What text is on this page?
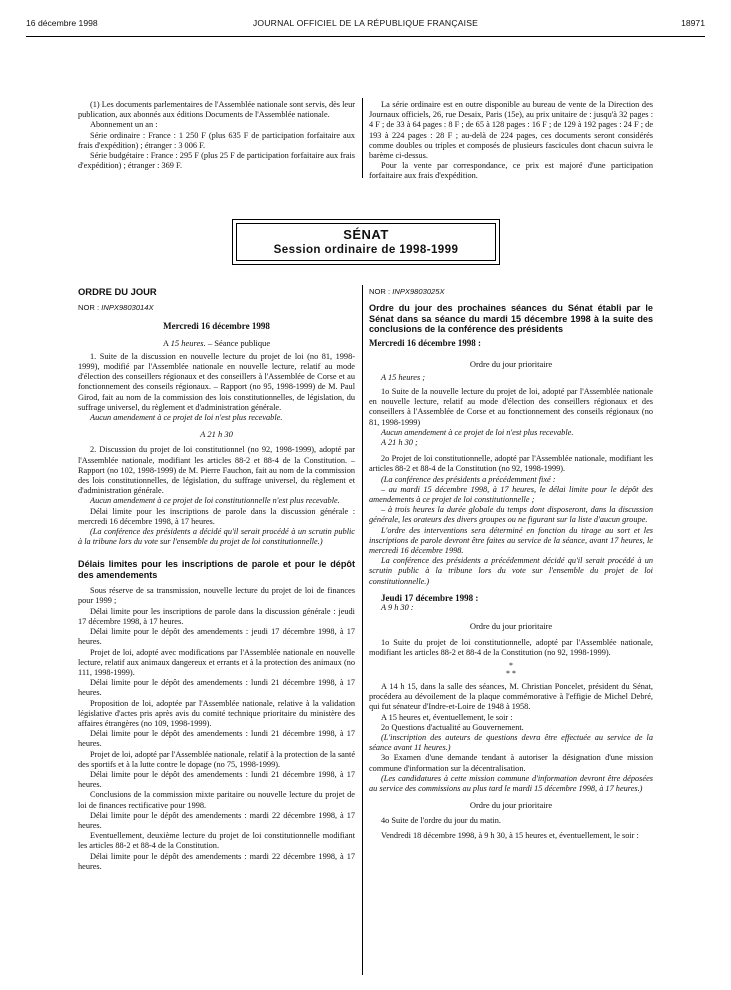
16 décembre 1998	JOURNAL OFFICIEL DE LA RÉPUBLIQUE FRANÇAISE	18971

(1) Les documents parlementaires de l'Assemblée nationale sont servis, dès leur publication, aux abonnés aux éditions Documents de l'Assemblée nationale.

Abonnement un an :

Série ordinaire : France : 1 250 F (plus 635 F de participation forfaitaire aux frais d'expédition) ; étranger : 3 006 F.

Série budgétaire : France : 295 F (plus 25 F de participation forfaitaire aux frais d'expédition) ; étranger : 369 F.

La série ordinaire est en outre disponible au bureau de vente de la Direction des Journaux officiels, 26, rue Desaix, Paris (15e), au prix unitaire de : jusqu'à 32 pages : 4 F ; de 33 à 64 pages : 8 F ; de 65 à 128 pages : 16 F ; de 129 à 192 pages : 24 F ; de 193 à 224 pages : 28 F ; au-delà de 224 pages, ces documents seront considérés comme doubles ou triples et composés de plusieurs fascicules dont chacun suivra le barème ci-dessus.

Pour la vente par correspondance, ce prix est majoré d'une participation forfaitaire aux frais d'expédition.

SÉNAT
Session ordinaire de 1998-1999

ORDRE DU JOUR

NOR : INPX9803014X

Mercredi 16 décembre 1998

A 15 heures. – Séance publique

1. Suite de la discussion en nouvelle lecture du projet de loi (no 81, 1998-1999), modifié par l'Assemblée nationale en nouvelle lecture, relatif au mode d'élection des conseillers régionaux et des conseillers à l'Assemblée de Corse et au fonctionnement des conseils régionaux. – Rapport (no 95, 1998-1999) de M. Paul Girod, fait au nom de la commission des lois constitutionnelles, de législation, du suffrage universel, du règlement et d'administration générale.

Aucun amendement à ce projet de loi n'est plus recevable.

A 21 h 30

2. Discussion du projet de loi constitutionnel (no 92, 1998-1999), adopté par l'Assemblée nationale, modifiant les articles 88-2 et 88-4 de la Constitution. – Rapport (no 102, 1998-1999) de M. Pierre Fauchon, fait au nom de la commission des lois constitutionnelles, de législation, du suffrage universel, du règlement et d'administration générale.

Aucun amendement à ce projet de loi constitutionnelle n'est plus recevable.

Délai limite pour les inscriptions de parole dans la discussion générale : mercredi 16 décembre 1998, à 17 heures.

(La conférence des présidents a décidé qu'il serait procédé à un scrutin public à la tribune lors du vote sur l'ensemble du projet de loi constitutionnelle.)

Délais limites pour les inscriptions de parole et pour le dépôt des amendements

Sous réserve de sa transmission, nouvelle lecture du projet de loi de finances pour 1999 ;

Délai limite pour les inscriptions de parole dans la discussion générale : jeudi 17 décembre 1998, à 17 heures.

Délai limite pour le dépôt des amendements : jeudi 17 décembre 1998, à 17 heures.

Projet de loi, adopté avec modifications par l'Assemblée nationale en nouvelle lecture, relatif aux animaux dangereux et errants et à la protection des animaux (no 111, 1998-1999).

Délai limite pour le dépôt des amendements : lundi 21 décembre 1998, à 17 heures.

Proposition de loi, adoptée par l'Assemblée nationale, relative à la validation législative d'actes pris après avis du comité technique prioritaire du ministère des affaires étrangères (no 109, 1998-1999).

Délai limite pour le dépôt des amendements : lundi 21 décembre 1998, à 17 heures.

Projet de loi, adopté par l'Assemblée nationale, relatif à la protection de la santé des sportifs et à la lutte contre le dopage (no 75, 1998-1999).

Délai limite pour le dépôt des amendements : lundi 21 décembre 1998, à 17 heures.

Conclusions de la commission mixte paritaire ou nouvelle lecture du projet de loi de finances rectificative pour 1998.

Délai limite pour le dépôt des amendements : mardi 22 décembre 1998, à 17 heures.

Eventuellement, deuxième lecture du projet de loi constitutionnelle modifiant les articles 88-2 et 88-4 de la Constitution.

Délai limite pour le dépôt des amendements : mardi 22 décembre 1998, à 17 heures.

NOR : INPX9803025X

Ordre du jour des prochaines séances du Sénat établi par le Sénat dans sa séance du mardi 15 décembre 1998 à la suite des conclusions de la conférence des présidents

Mercredi 16 décembre 1998 :

Ordre du jour prioritaire

A 15 heures ;

1o Suite de la nouvelle lecture du projet de loi, adopté par l'Assemblée nationale en nouvelle lecture, relatif au mode d'élection des conseillers régionaux et des conseillers à l'Assemblée de Corse et au fonctionnement des conseils régionaux (no 81, 1998-1999)

Aucun amendement à ce projet de loi n'est plus recevable.

A 21 h 30 ;

2o Projet de loi constitutionnelle, adopté par l'Assemblée nationale, modifiant les articles 88-2 et 88-4 de la Constitution (no 92, 1998-1999).

(La conférence des présidents a précédemment fixé :

– au mardi 15 décembre 1998, à 17 heures, le délai limite pour le dépôt des amendements à ce projet de loi constitutionnelle ;

– à trois heures la durée globale du temps dont disposeront, dans la discussion générale, les orateurs des divers groupes ou ne figurant sur la liste d'aucun groupe.

L'ordre des interventions sera déterminé en fonction du tirage au sort et les inscriptions de parole devront être faites au service de la séance, avant 17 heures, le mercredi 16 décembre 1998.

La conférence des présidents a précédemment décidé qu'il serait procédé à un scrutin public à la tribune lors du vote sur l'ensemble du projet de loi constitutionnelle.)

Jeudi 17 décembre 1998 :

A 9 h 30 :

Ordre du jour prioritaire

1o Suite du projet de loi constitutionnelle, adopté par l'Assemblée nationale, modifiant les articles 88-2 et 88-4 de la Constitution (no 92, 1998-1999).

*
* *

A 14 h 15, dans la salle des séances, M. Christian Poncelet, président du Sénat, procédera au dévoilement de la plaque commémorative à l'effigie de Michel Debré, qui fut sénateur d'Indre-et-Loire de 1948 à 1958.

A 15 heures et, éventuellement, le soir :

2o Questions d'actualité au Gouvernement.

(L'inscription des auteurs de questions devra être effectuée au service de la séance avant 11 heures.)

3o Examen d'une demande tendant à autoriser la désignation d'une mission commune d'information sur la décentralisation.

(Les candidatures à cette mission commune d'information devront être déposées au service des commissions au plus tard le mardi 15 décembre 1998, à 17 heures.)

Ordre du jour prioritaire

4o Suite de l'ordre du jour du matin.

Vendredi 18 décembre 1998, à 9 h 30, à 15 heures et, éventuellement, le soir :
